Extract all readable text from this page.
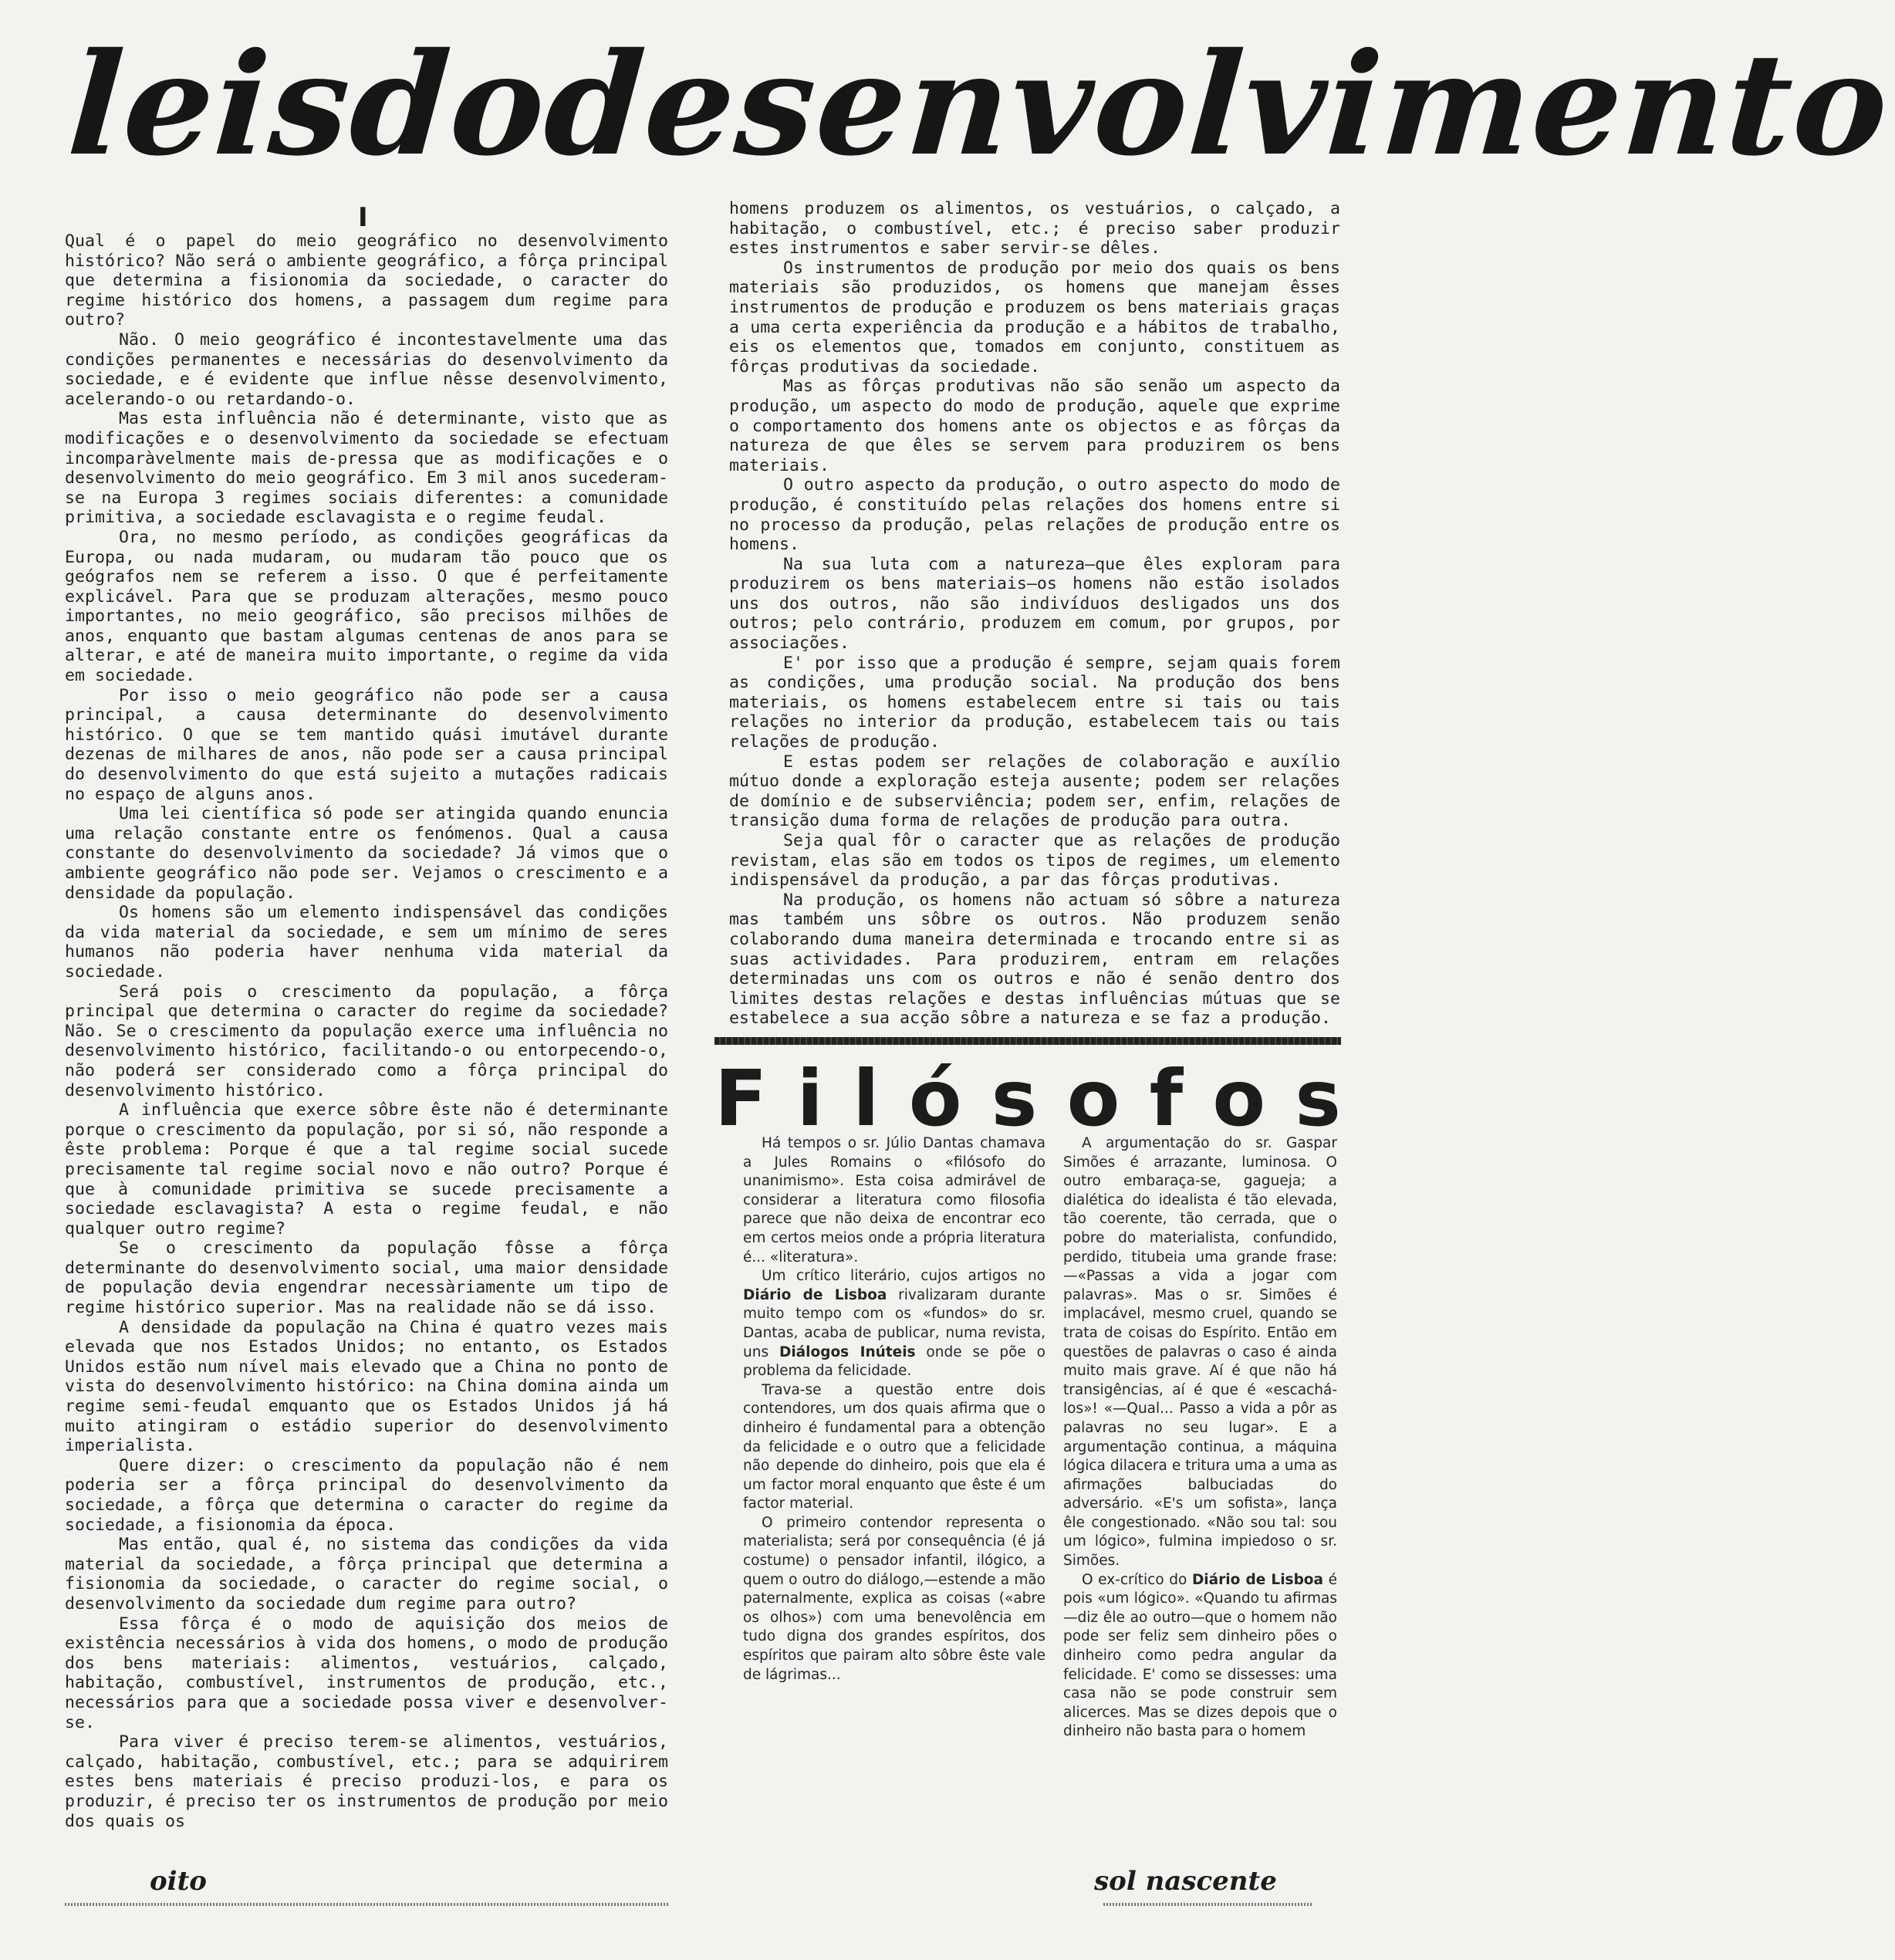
leis
do
desenvolvimento
I

Qual é o papel do meio geográfico no desenvolvimento histórico? Não será o ambiente geográfico, a fôrça principal que determina a fisionomia da sociedade, o caracter do regime histórico dos homens, a passagem dum regime para outro?

Não. O meio geográfico é incontestavelmente uma das condições permanentes e necessárias do desenvolvimento da sociedade, e é evidente que influe nêsse desenvolvimento, acelerando-o ou retardando-o.

Mas esta influência não é determinante, visto que as modificações e o desenvolvimento da sociedade se efectuam incomparàvelmente mais de-pressa que as modificações e o desenvolvimento do meio geográfico. Em 3 mil anos sucederam-se na Europa 3 regimes sociais diferentes: a comunidade primitiva, a sociedade esclavagista e o regime feudal.

Ora, no mesmo período, as condições geográficas da Europa, ou nada mudaram, ou mudaram tão pouco que os geógrafos nem se referem a isso. O que é perfeitamente explicável. Para que se produzam alterações, mesmo pouco importantes, no meio geográfico, são precisos milhões de anos, enquanto que bastam algumas centenas de anos para se alterar, e até de maneira muito importante, o regime da vida em sociedade.

Por isso o meio geográfico não pode ser a causa principal, a causa determinante do desenvolvimento histórico. O que se tem mantido quási imutável durante dezenas de milhares de anos, não pode ser a causa principal do desenvolvimento do que está sujeito a mutações radicais no espaço de alguns anos.

Uma lei científica só pode ser atingida quando enuncia uma relação constante entre os fenómenos. Qual a causa constante do desenvolvimento da sociedade? Já vimos que o ambiente geográfico não pode ser. Vejamos o crescimento e a densidade da população.

Os homens são um elemento indispensável das condições da vida material da sociedade, e sem um mínimo de seres humanos não poderia haver nenhuma vida material da sociedade.

Será pois o crescimento da população, a fôrça principal que determina o caracter do regime da sociedade? Não. Se o crescimento da população exerce uma influência no desenvolvimento histórico, facilitando-o ou entorpecendo-o, não poderá ser considerado como a fôrça principal do desenvolvimento histórico.

A influência que exerce sôbre êste não é determinante porque o crescimento da população, por si só, não responde a êste problema: Porque é que a tal regime social sucede precisamente tal regime social novo e não outro? Porque é que à comunidade primitiva se sucede precisamente a sociedade esclavagista? A esta o regime feudal, e não qualquer outro regime?

Se o crescimento da população fôsse a fôrça determinante do desenvolvimento social, uma maior densidade de população devia engendrar necessàriamente um tipo de regime histórico superior. Mas na realidade não se dá isso.

A densidade da população na China é quatro vezes mais elevada que nos Estados Unidos; no entanto, os Estados Unidos estão num nível mais elevado que a China no ponto de vista do desenvolvimento histórico: na China domina ainda um regime semi-feudal emquanto que os Estados Unidos já há muito atingiram o estádio superior do desenvolvimento imperialista.

Quere dizer: o crescimento da população não é nem poderia ser a fôrça principal do desenvolvimento da sociedade, a fôrça que determina o caracter do regime da sociedade, a fisionomia da época.

Mas então, qual é, no sistema das condições da vida material da sociedade, a fôrça principal que determina a fisionomia da sociedade, o caracter do regime social, o desenvolvimento da sociedade dum regime para outro?

Essa fôrça é o modo de aquisição dos meios de existência necessários à vida dos homens, o modo de produção dos bens materiais: alimentos, vestuários, calçado, habitação, combustível, instrumentos de produção, etc., necessários para que a sociedade possa viver e desenvolver-se.

Para viver é preciso terem-se alimentos, vestuários, calçado, habitação, combustível, etc.; para se adquirirem estes bens materiais é preciso produzi-los, e para os produzir, é preciso ter os instrumentos de produção por meio dos quais os

homens produzem os alimentos, os vestuários, o calçado, a habitação, o combustível, etc.; é preciso saber produzir estes instrumentos e saber servir-se dêles.

Os instrumentos de produção por meio dos quais os bens materiais são produzidos, os homens que manejam êsses instrumentos de produção e produzem os bens materiais graças a uma certa experiência da produção e a hábitos de trabalho, eis os elementos que, tomados em conjunto, constituem as fôrças produtivas da sociedade.

Mas as fôrças produtivas não são senão um aspecto da produção, um aspecto do modo de produção, aquele que exprime o comportamento dos homens ante os objectos e as fôrças da natureza de que êles se servem para produzirem os bens materiais.

O outro aspecto da produção, o outro aspecto do modo de produção, é constituído pelas relações dos homens entre si no processo da produção, pelas relações de produção entre os homens.

Na sua luta com a natureza—que êles exploram para produzirem os bens materiais—os homens não estão isolados uns dos outros, não são indivíduos desligados uns dos outros; pelo contrário, produzem em comum, por grupos, por associações.

E' por isso que a produção é sempre, sejam quais forem as condições, uma produção social. Na produção dos bens materiais, os homens estabelecem entre si tais ou tais relações no interior da produção, estabelecem tais ou tais relações de produção.

E estas podem ser relações de colaboração e auxílio mútuo donde a exploração esteja ausente; podem ser relações de domínio e de subserviência; podem ser, enfim, relações de transição duma forma de relações de produção para outra.

Seja qual fôr o caracter que as relações de produção revistam, elas são em todos os tipos de regimes, um elemento indispensável da produção, a par das fôrças produtivas.

Na produção, os homens não actuam só sôbre a natureza mas também uns sôbre os outros. Não produzem senão colaborando duma maneira determinada e trocando entre si as suas actividades. Para produzirem, entram em relações determinadas uns com os outros e não é senão dentro dos limites destas relações e destas influências mútuas que se estabelece a sua acção sôbre a natureza e se faz a produção.

F i l ó s o f o s

Há tempos o sr. Júlio Dantas chamava a Jules Romains o «filósofo do unanimismo». Esta coisa admirável de considerar a literatura como filosofia parece que não deixa de encontrar eco em certos meios onde a própria literatura é... «literatura».

Um crítico literário, cujos artigos no Diário de Lisboa rivalizaram durante muito tempo com os «fundos» do sr. Dantas, acaba de publicar, numa revista, uns Diálogos Inúteis onde se põe o problema da felicidade.

Trava-se a questão entre dois contendores, um dos quais afirma que o dinheiro é fundamental para a obtenção da felicidade e o outro que a felicidade não depende do dinheiro, pois que ela é um factor moral enquanto que êste é um factor material.

O primeiro contendor representa o materialista; será por consequência (é já costume) o pensador infantil, ilógico, a quem o outro do diálogo,—estende a mão paternalmente, explica as coisas («abre os olhos») com uma benevolência em tudo digna dos grandes espíritos, dos espíritos que pairam alto sôbre êste vale de lágrimas...

A argumentação do sr. Gaspar Simões é arrazante, luminosa. O outro embaraça-se, gagueja; a dialética do idealista é tão elevada, tão coerente, tão cerrada, que o pobre do materialista, confundido, perdido, titubeia uma grande frase:—«Passas a vida a jogar com palavras». Mas o sr. Simões é implacável, mesmo cruel, quando se trata de coisas do Espírito. Então em questões de palavras o caso é ainda muito mais grave. Aí é que não há transigências, aí é que é «escachá-los»! «—Qual... Passo a vida a pôr as palavras no seu lugar». E a argumentação continua, a máquina lógica dilacera e tritura uma a uma as afirmações balbuciadas do adversário. «E's um sofista», lança êle congestionado. «Não sou tal: sou um lógico», fulmina impiedoso o sr. Simões.

O ex-crítico do Diário de Lisboa é pois «um lógico». «Quando tu afirmas—diz êle ao outro—que o homem não pode ser feliz sem dinheiro pões o dinheiro como pedra angular da felicidade. E' como se dissesses: uma casa não se pode construir sem alicerces. Mas se dizes depois que o dinheiro não basta para o homem

oito	sol nascente
